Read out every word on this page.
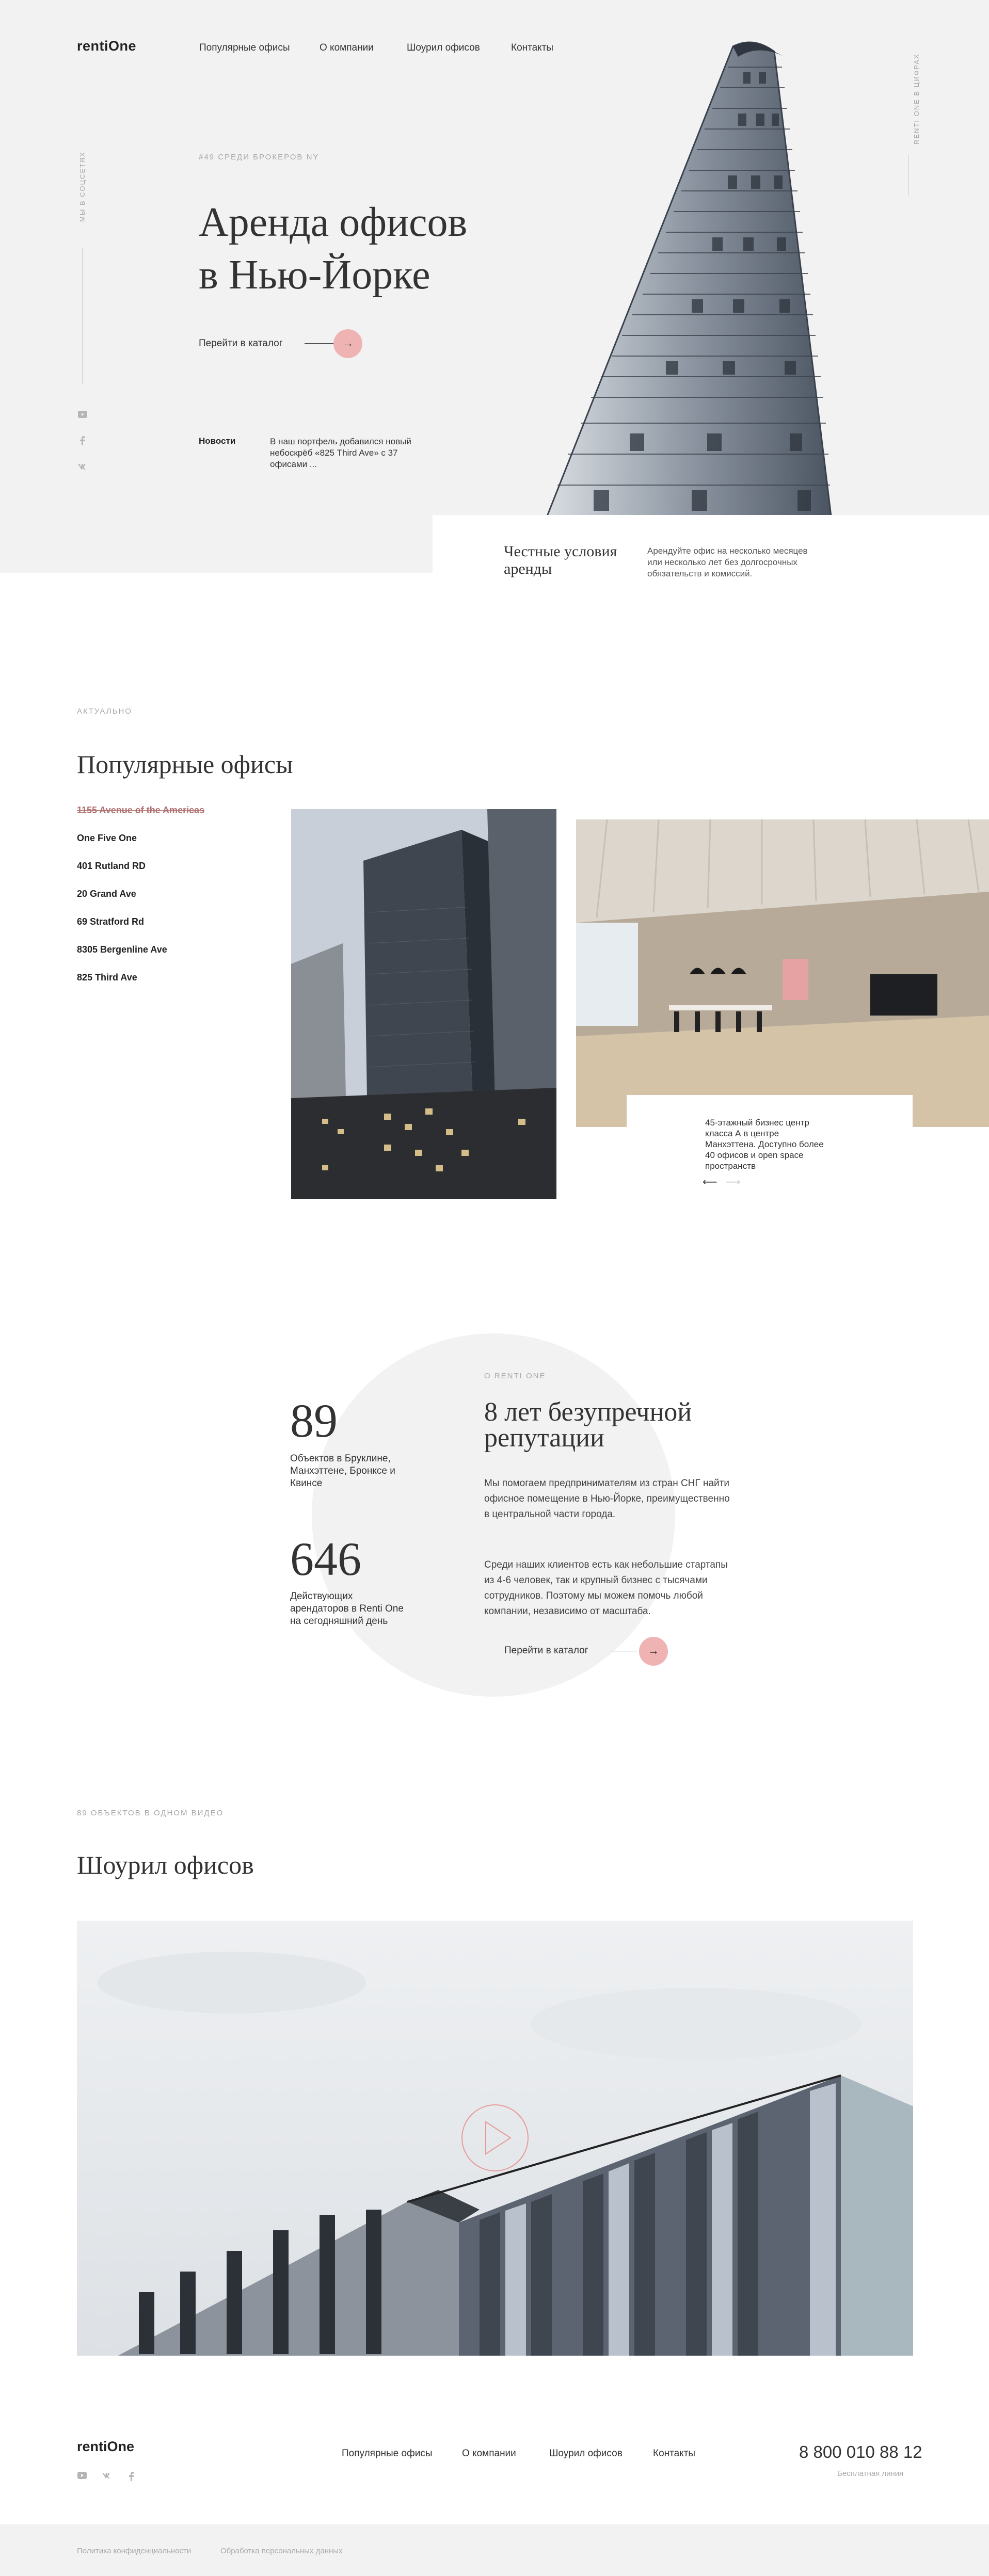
rentiOne	Популярные офисы	О компании	Шоурил офисов	Контакты
МЫ В СОЦСЕТЯХ
RENTI ONE В ЦИФРАХ
#49 СРЕДИ БРОКЕРОВ NY
Аренда офисов
в Нью-Йорке
Перейти в каталог	→
Новости	В наш портфель добавился новый небоскрёб «825 Third Ave» с 37 офисами ...
Честные условия аренды
Арендуйте офис на несколько месяцев или несколько лет без долгосрочных обязательств и комиссий.
АКТУАЛЬНО
Популярные офисы
1155 Avenue of the Americas
One Five One
401 Rutland RD
20 Grand Ave
69 Stratford Rd
8305 Bergenline Ave
825 Third Ave
45-этажный бизнес центр класса А в центре Манхэттена. Доступно более 40 офисов и open space пространств
⟵ ⟶
89
Объектов в Бруклине, Манхэттене, Бронксе и Квинсе
646
Действующих арендаторов в Renti One на сегодняшний день
О RENTI ONE
8 лет безупречной репутации
Мы помогаем предпринимателям из стран СНГ найти офисное помещение в Нью-Йорке, преимущественно в центральной части города.
Среди наших клиентов есть как небольшие стартапы из 4-6 человек, так и крупный бизнес с тысячами сотрудников. Поэтому мы можем помочь любой компании, независимо от масштаба.
Перейти в каталог	→
89 ОБЪЕКТОВ В ОДНОМ ВИДЕО
Шоурил офисов
rentiOne	Популярные офисы	О компании	Шоурил офисов	Контакты	8 800 010 88 12
Бесплатная линия
Политика конфиденциальности	Обработка персональных данных
